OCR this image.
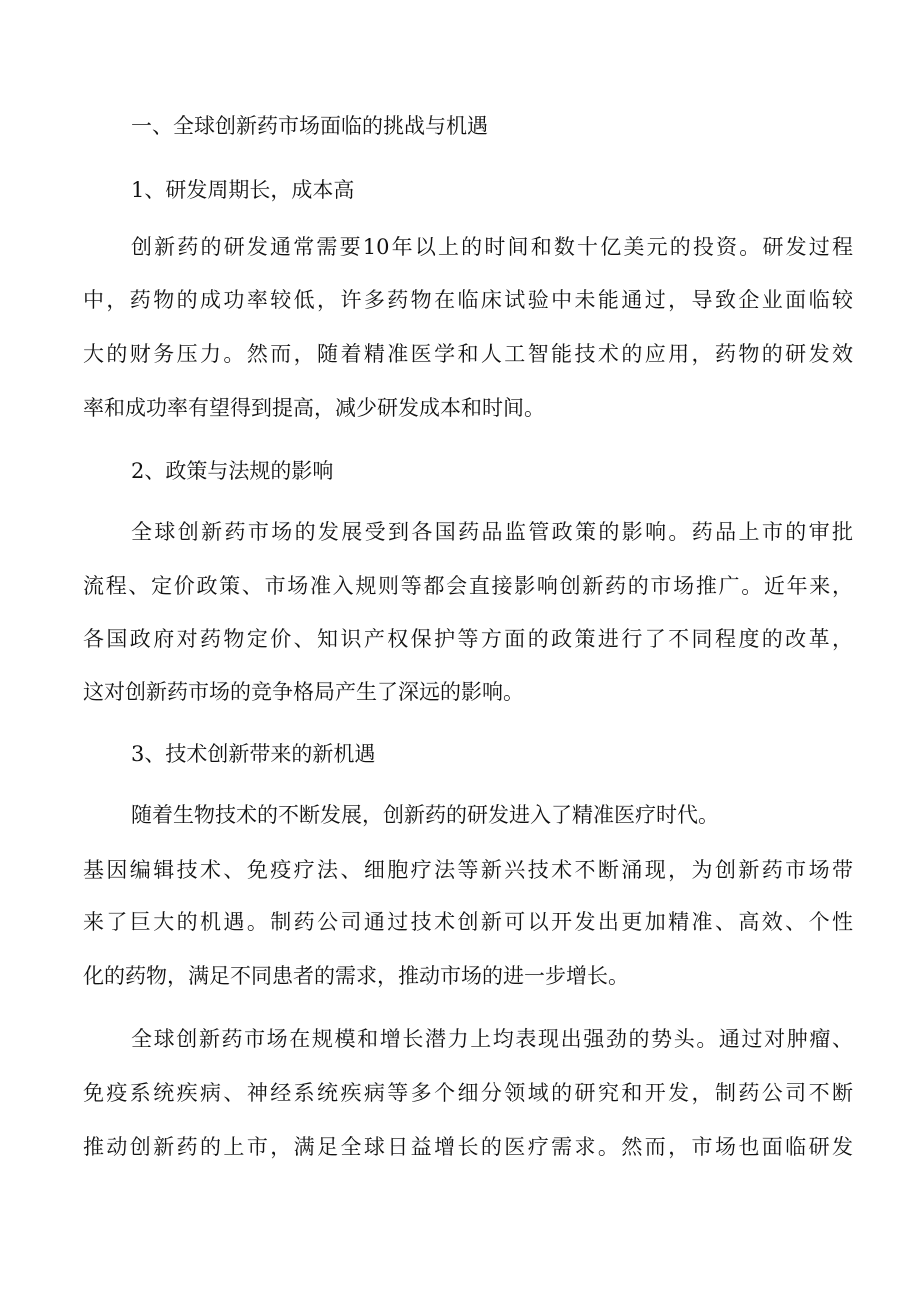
一、全球创新药市场面临的挑战与机遇
1、研发周期长，成本高
创新药的研发通常需要10年以上的时间和数十亿美元的投资。研发过程
中，药物的成功率较低，许多药物在临床试验中未能通过，导致企业面临较
大的财务压力。然而，随着精准医学和人工智能技术的应用，药物的研发效
率和成功率有望得到提高，减少研发成本和时间。
2、政策与法规的影响
全球创新药市场的发展受到各国药品监管政策的影响。药品上市的审批
流程、定价政策、市场准入规则等都会直接影响创新药的市场推广。近年来，
各国政府对药物定价、知识产权保护等方面的政策进行了不同程度的改革，
这对创新药市场的竞争格局产生了深远的影响。
3、技术创新带来的新机遇
随着生物技术的不断发展，创新药的研发进入了精准医疗时代。
基因编辑技术、免疫疗法、细胞疗法等新兴技术不断涌现，为创新药市场带
来了巨大的机遇。制药公司通过技术创新可以开发出更加精准、高效、个性
化的药物，满足不同患者的需求，推动市场的进一步增长。
全球创新药市场在规模和增长潜力上均表现出强劲的势头。通过对肿瘤、
免疫系统疾病、神经系统疾病等多个细分领域的研究和开发，制药公司不断
推动创新药的上市，满足全球日益增长的医疗需求。然而，市场也面临研发
